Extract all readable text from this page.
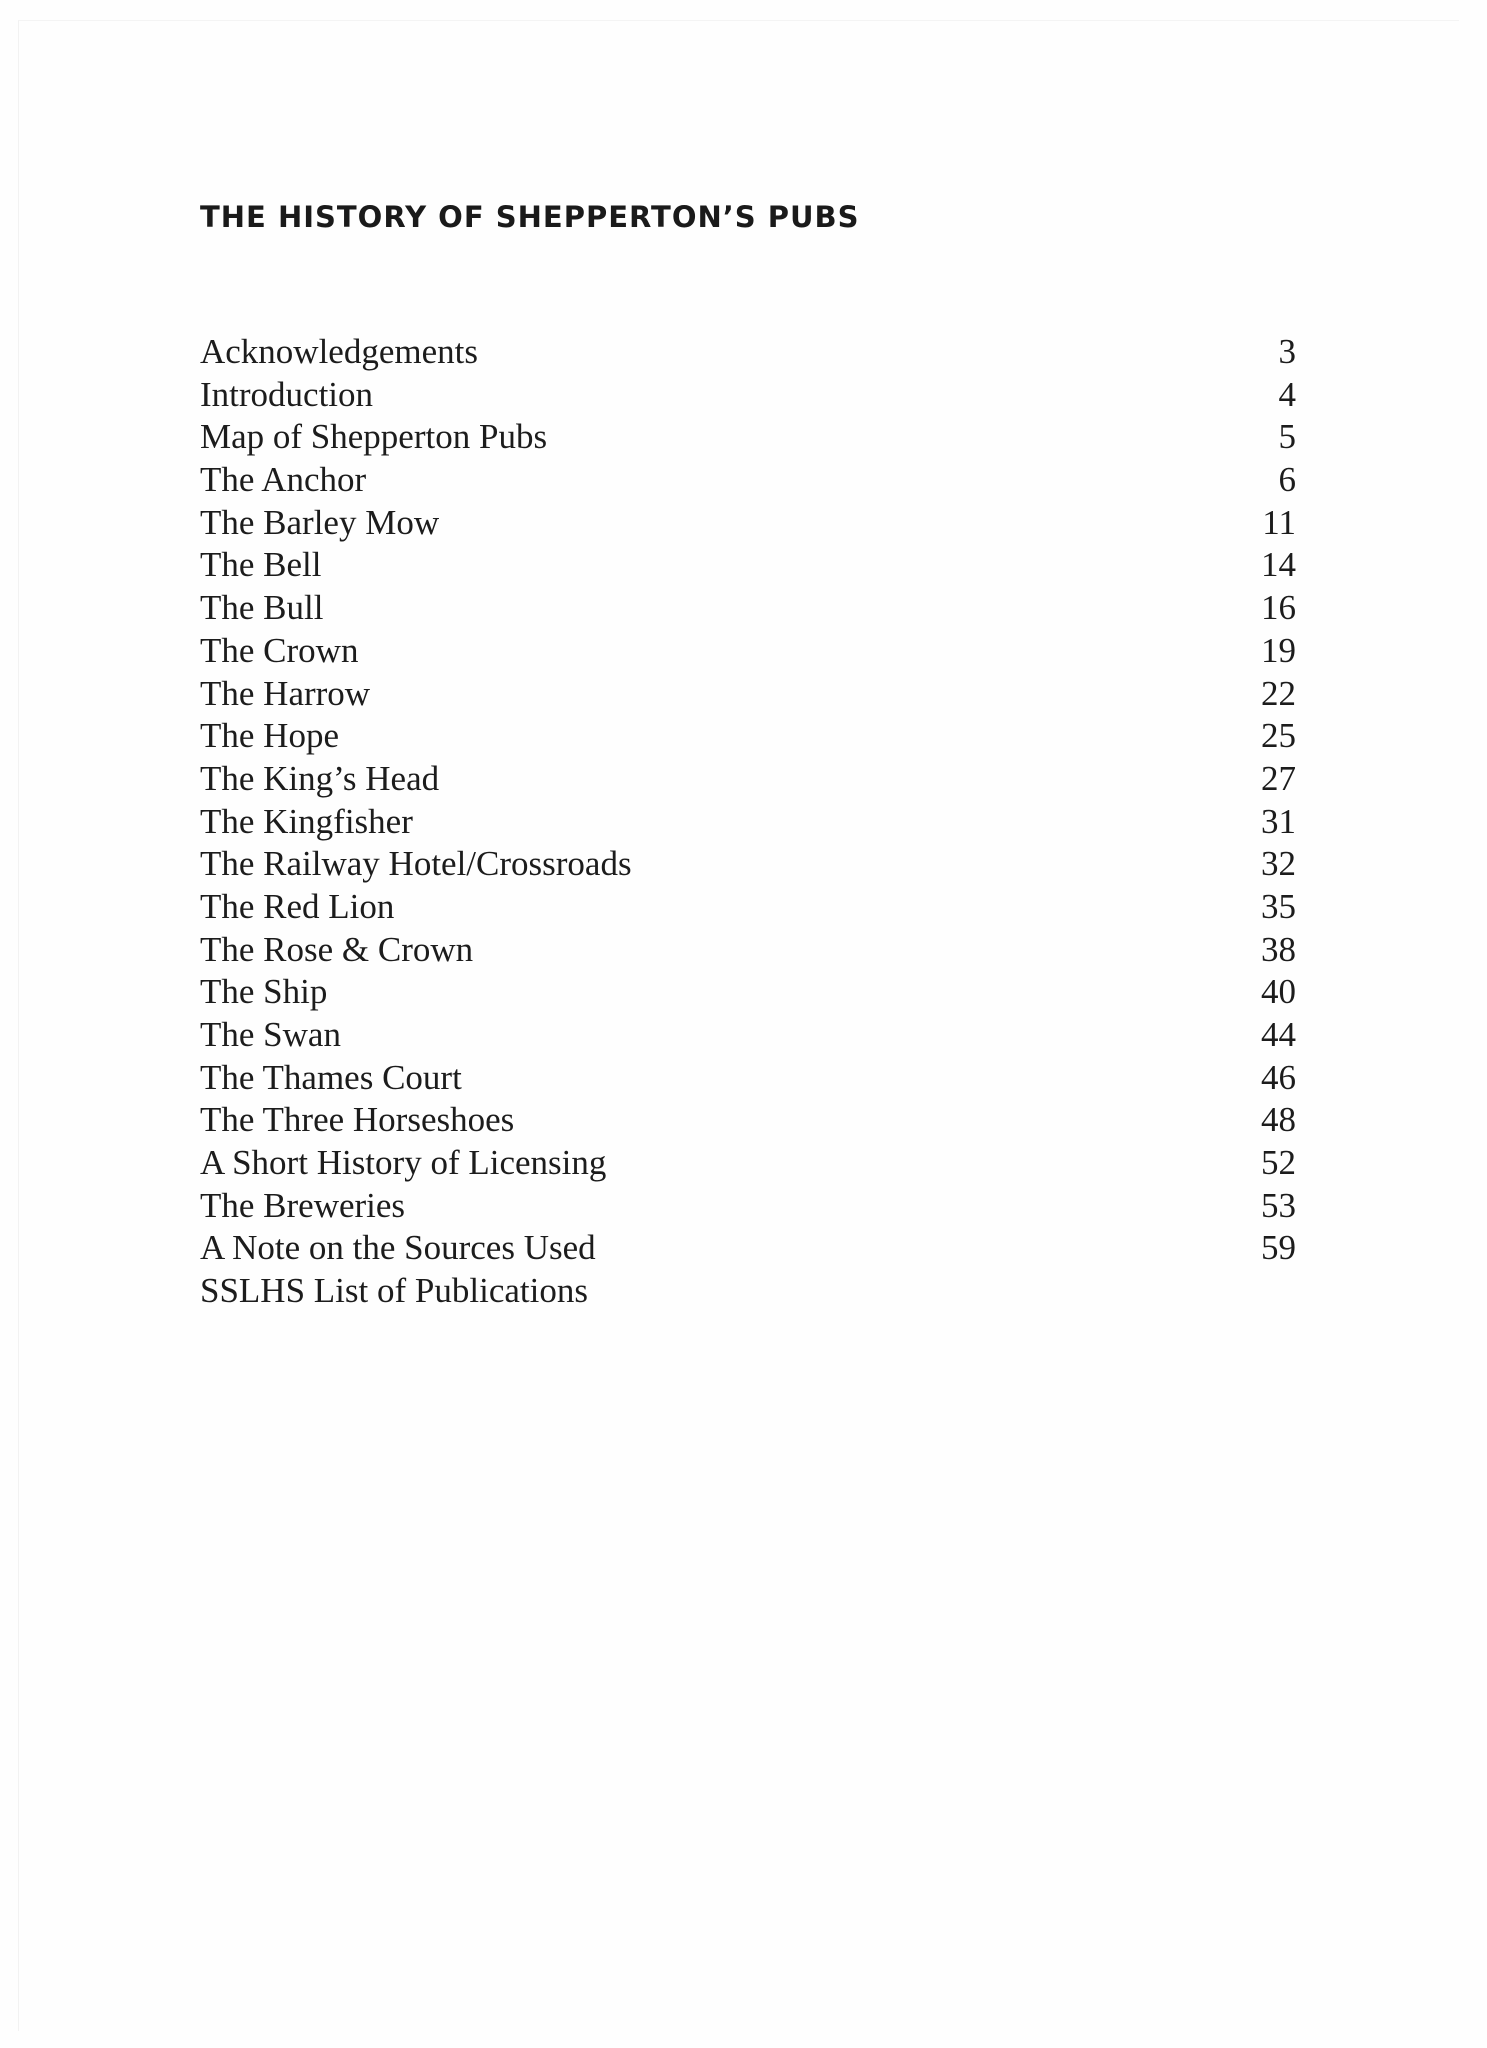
THE HISTORY OF SHEPPERTON’S PUBS
Acknowledgements	3
Introduction	4
Map of Shepperton Pubs	5
The Anchor	6
The Barley Mow	11
The Bell	14
The Bull	16
The Crown	19
The Harrow	22
The Hope	25
The King’s Head	27
The Kingfisher	31
The Railway Hotel/Crossroads	32
The Red Lion	35
The Rose & Crown	38
The Ship	40
The Swan	44
The Thames Court	46
The Three Horseshoes	48
A Short History of Licensing	52
The Breweries	53
A Note on the Sources Used	59
SSLHS List of Publications
